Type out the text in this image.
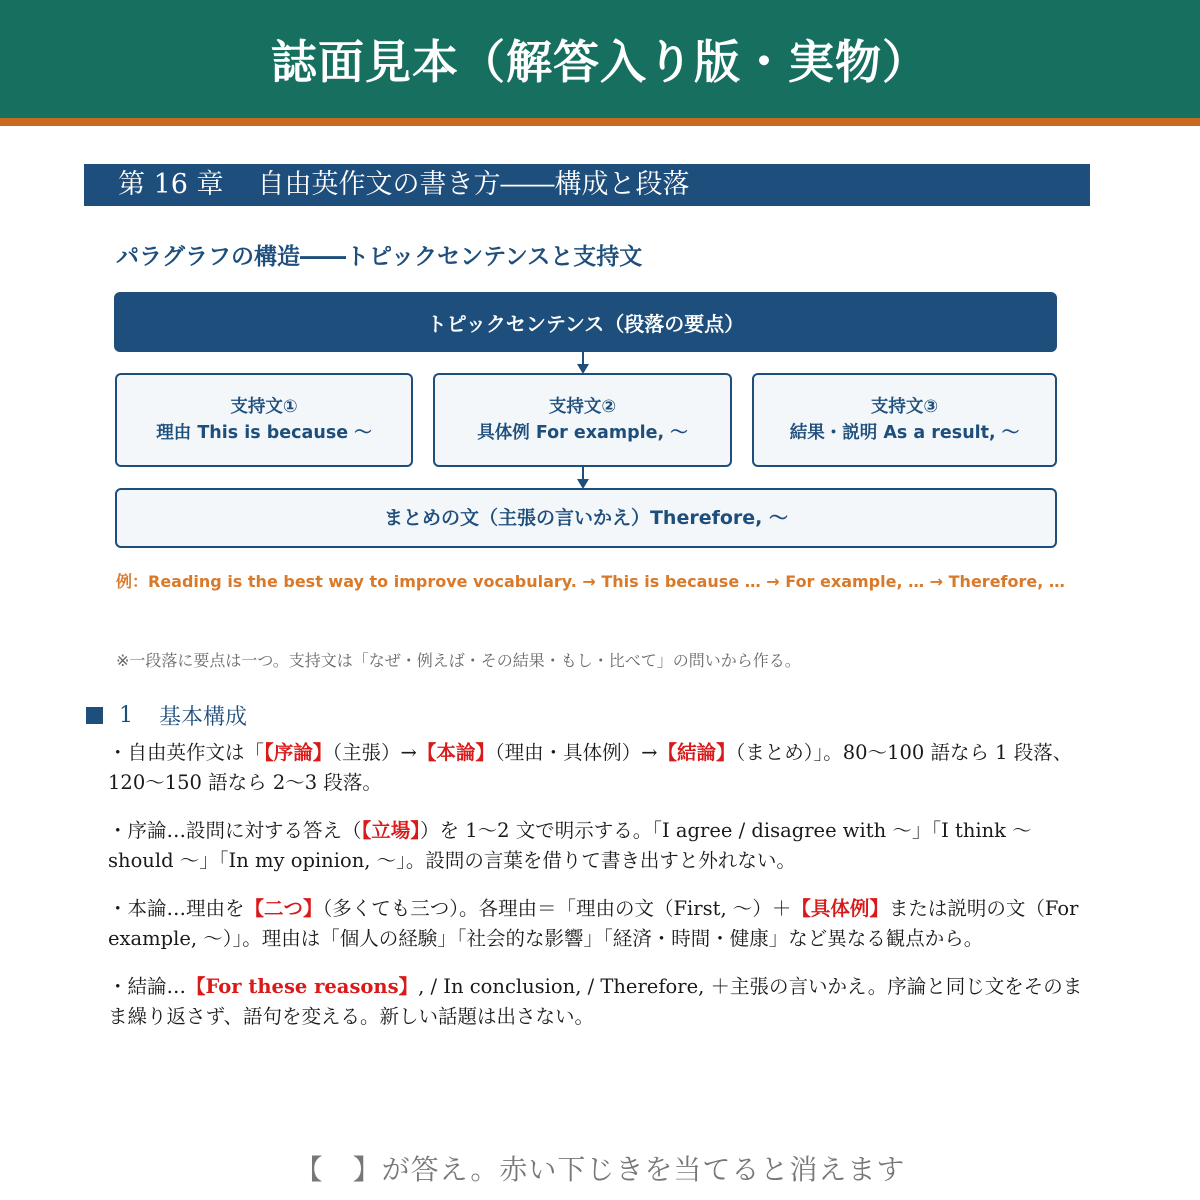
誌面見本（解答入り版・実物）
第 16 章 自由英作文の書き方――構成と段落
パラグラフの構造――トピックセンテンスと支持文
トピックセンテンス（段落の要点）
支持文①
理由 This is because 〜
支持文②
具体例 For example, 〜
支持文③
結果・説明 As a result, 〜
まとめの文（主張の言いかえ）Therefore, 〜
例：Reading is the best way to improve vocabulary. → This is because … → For example, … → Therefore, …
※一段落に要点は一つ。支持文は「なぜ・例えば・その結果・もし・比べて」の問いから作る。
1 基本構成

・自由英作文は「【序論】（主張）→【本論】（理由・具体例）→【結論】（まとめ）」。80〜100 語なら 1 段落、120〜150 語なら 2〜3 段落。

・序論…設問に対する答え（【立場】）を 1〜2 文で明示する。「I agree / disagree with 〜」「I think 〜 should 〜」「In my opinion, 〜」。設問の言葉を借りて書き出すと外れない。

・本論…理由を【二つ】（多くても三つ）。各理由＝「理由の文（First, 〜）＋【具体例】または説明の文（For example, 〜）」。理由は「個人の経験」「社会的な影響」「経済・時間・健康」など異なる観点から。

・結論…【For these reasons】, / In conclusion, / Therefore, ＋主張の言いかえ。序論と同じ文をそのまま繰り返さず、語句を変える。新しい話題は出さない。

【　】が答え。赤い下じきを当てると消えます
